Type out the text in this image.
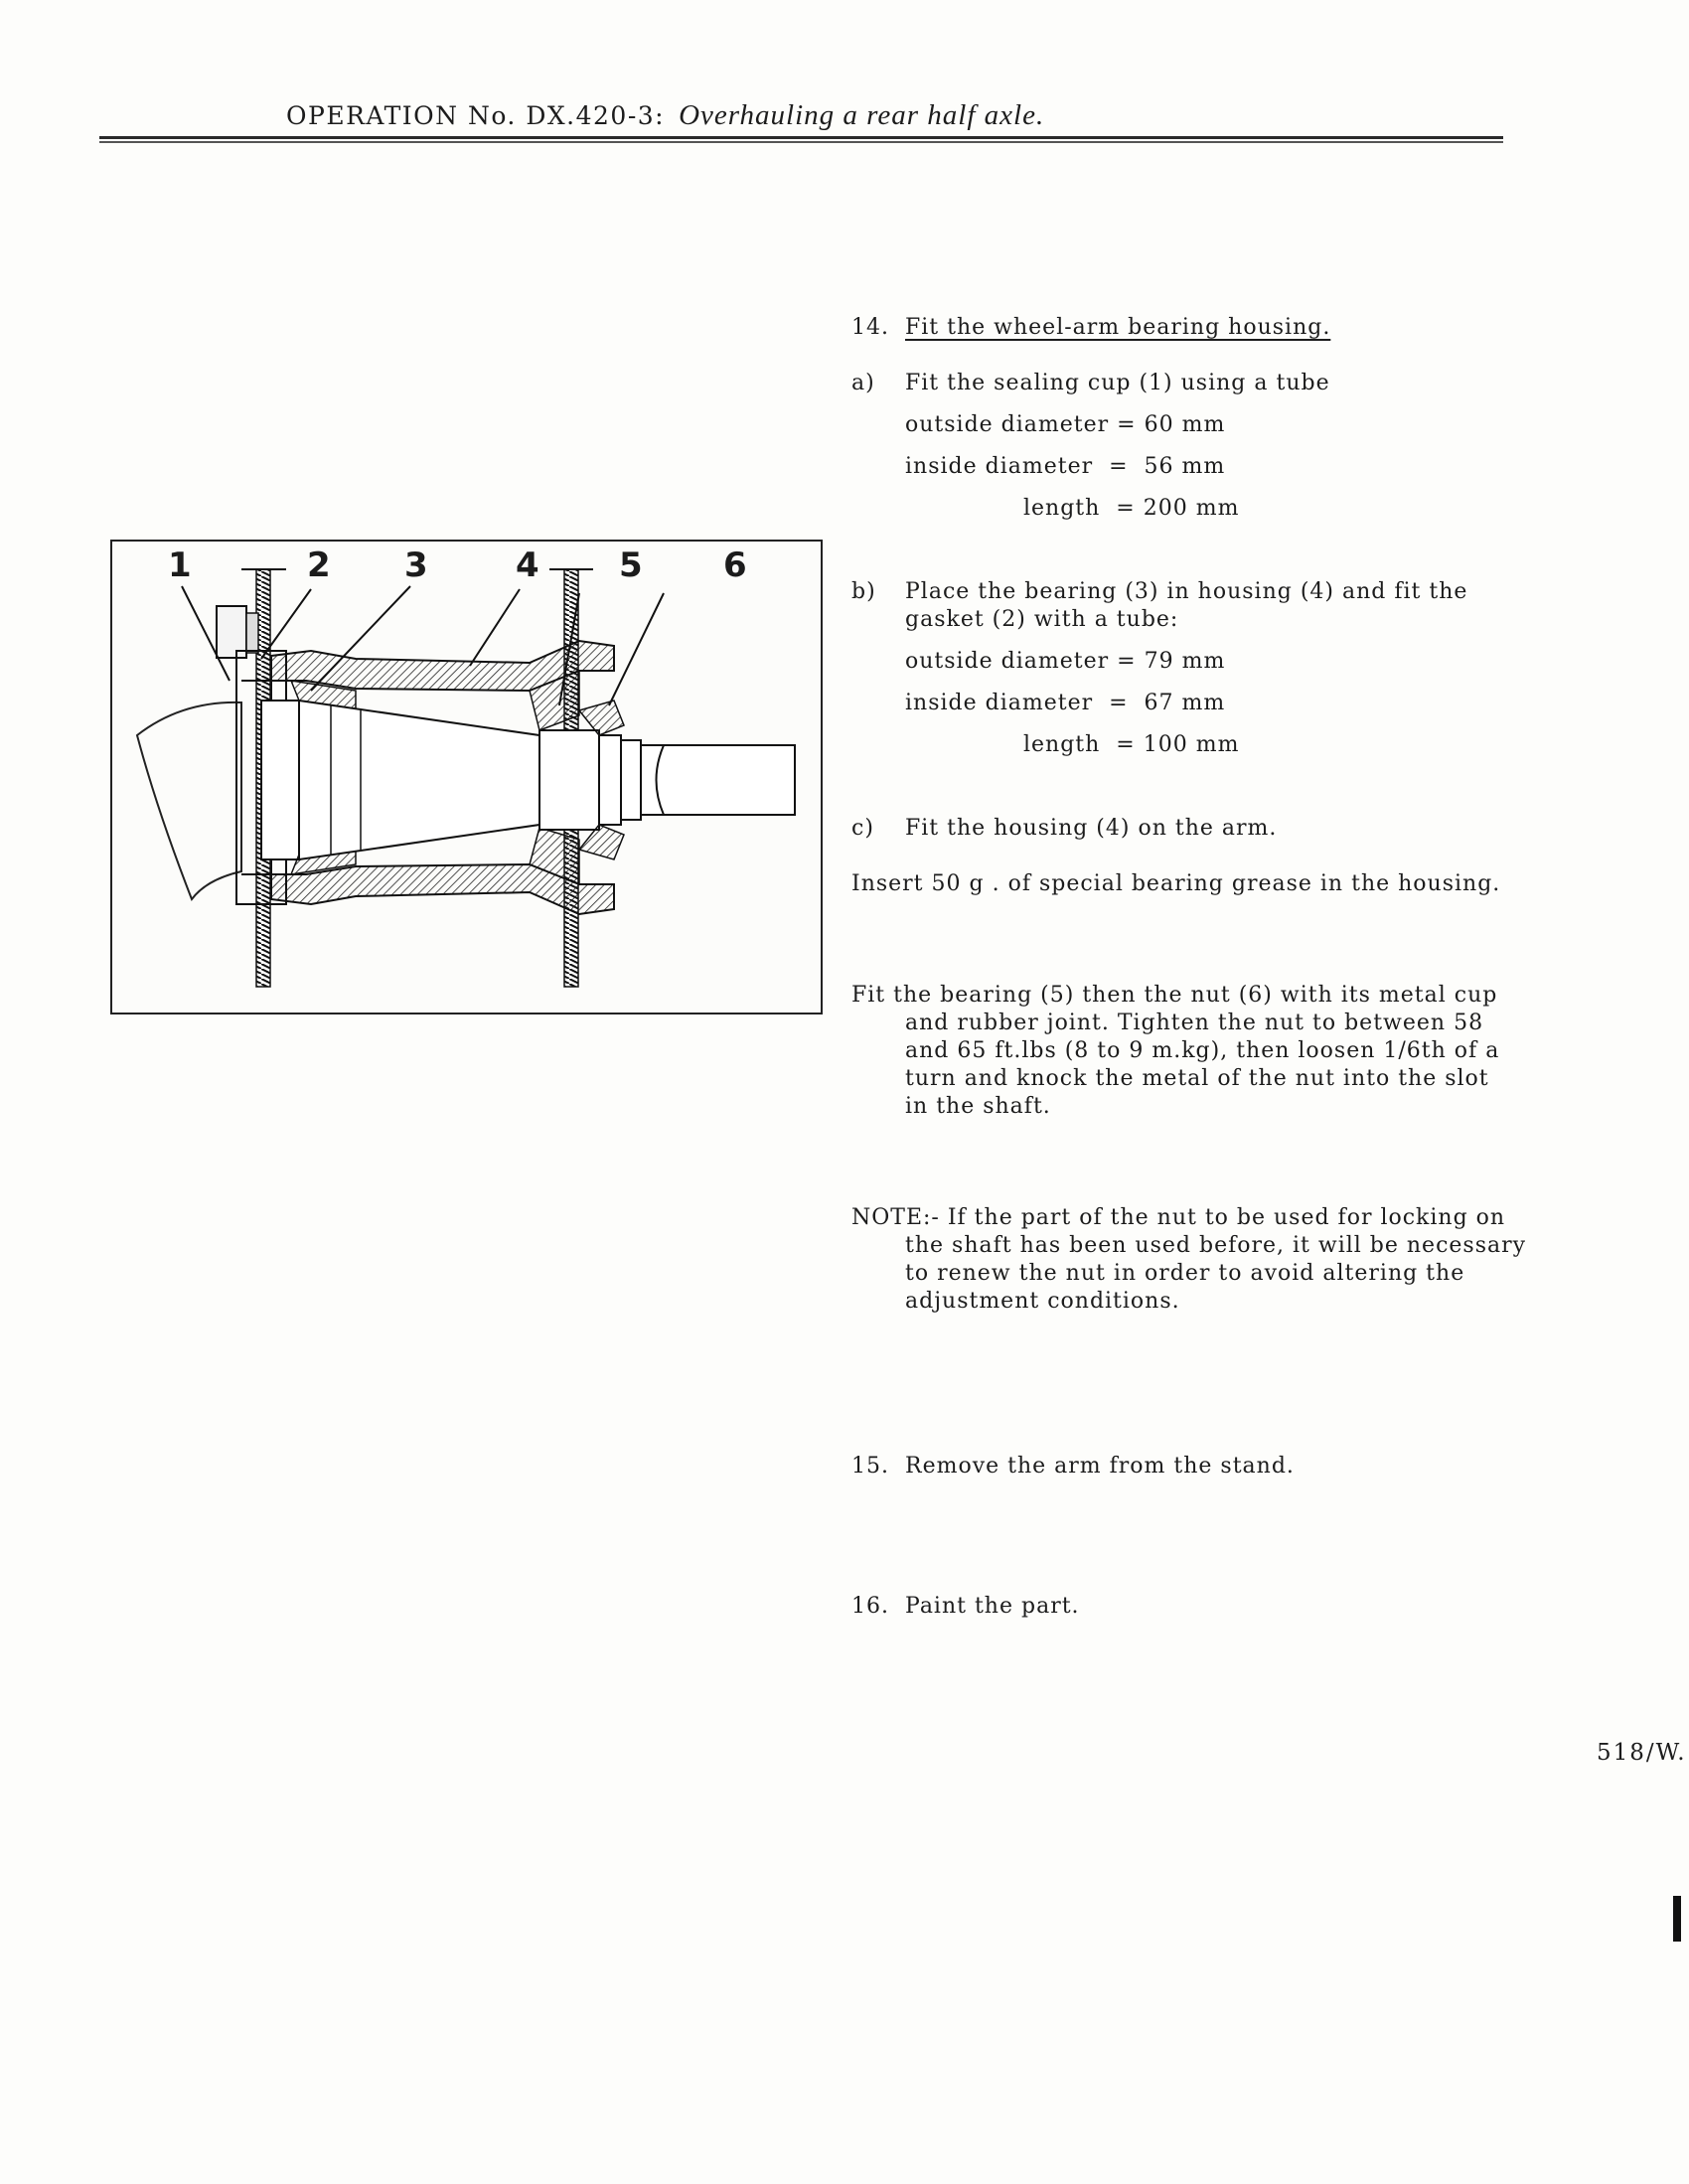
OPERATION No. DX.420-3: Overhauling a rear half axle.
1	2 3	4 5 6
14. Fit the wheel-arm bearing housing.
a) Fit the sealing cup (1) using a tube
outside diameter = 60 mm
inside diameter  =  56 mm
length  = 200 mm
b) Place the bearing (3) in housing (4) and fit the gasket (2) with a tube:
outside diameter = 79 mm
inside diameter  =  67 mm
length  = 100 mm
c) Fit the housing (4) on the arm.
Insert 50 g . of special bearing grease in the housing.
Fit the bearing (5) then the nut (6) with its metal cup and rubber joint. Tighten the nut to between 58 and 65 ft.lbs (8 to 9 m.kg), then loosen 1/6th of a turn and knock the metal of the nut into the slot in the shaft.
NOTE:- If the part of the nut to be used for locking on the shaft has been used before, it will be necessary to renew the nut in order to avoid altering the adjustment conditions.
15. Remove the arm from the stand.
16. Paint the part.
518/W.
